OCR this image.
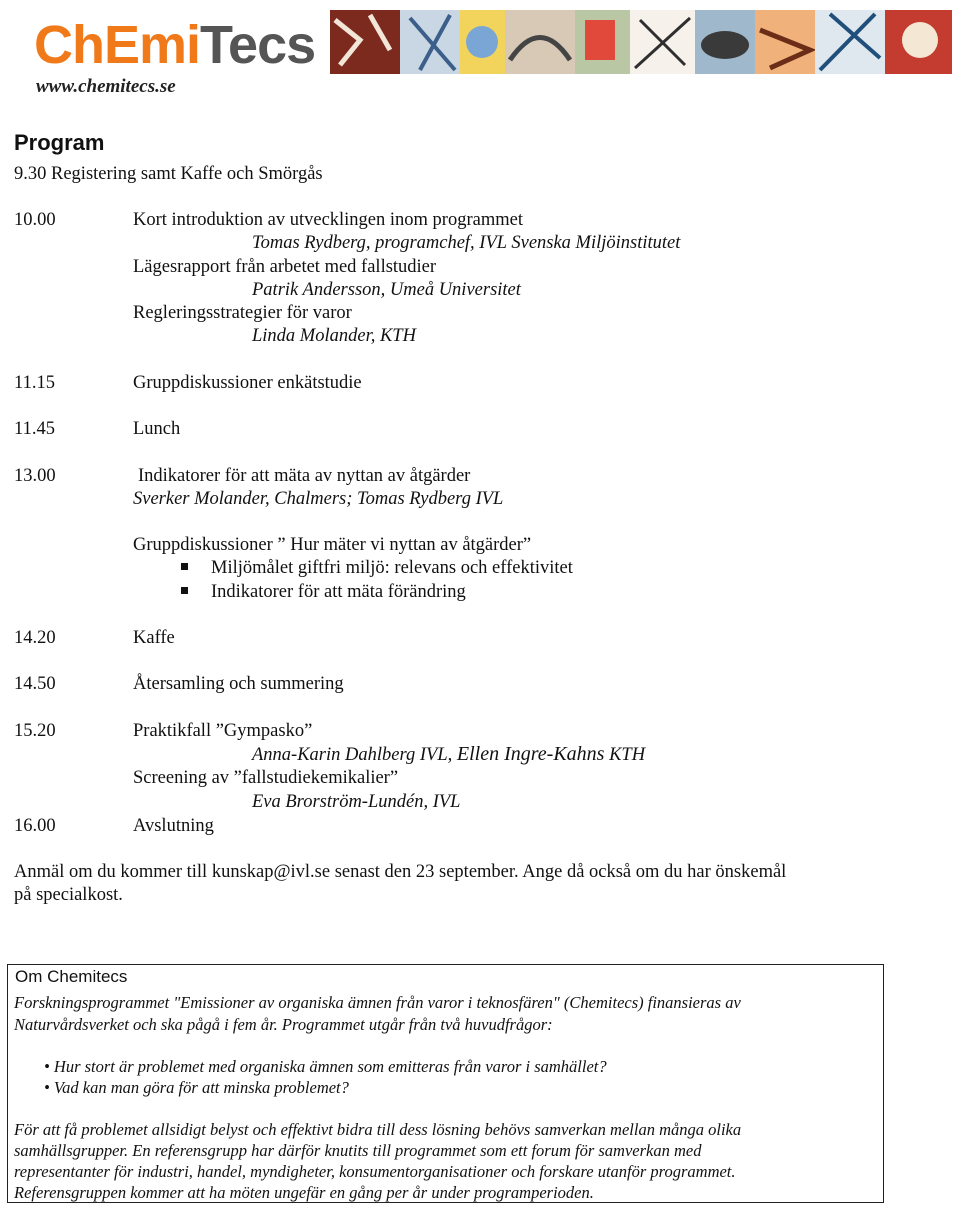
ChEmiTecs
www.chemitecs.se
Program
9.30 Registering samt Kaffe och Smörgås
10.00	Kort introduktion av utvecklingen inom programmet
Tomas Rydberg, programchef, IVL Svenska Miljöinstitutet
Lägesrapport från arbetet med fallstudier
Patrik Andersson, Umeå Universitet
Regleringsstrategier för varor
Linda Molander, KTH
11.15	Gruppdiskussioner enkätstudie
11.45	Lunch
13.00	Indikatorer för att mäta av nyttan av åtgärder
Sverker Molander, Chalmers; Tomas Rydberg IVL
Gruppdiskussioner ” Hur mäter vi nyttan av åtgärder”
Miljömålet giftfri miljö: relevans och effektivitet
Indikatorer för att mäta förändring
14.20	Kaffe
14.50	Återsamling och summering
15.20	Praktikfall ”Gympasko”
Anna-Karin Dahlberg IVL, Ellen Ingre-Kahns KTH
Screening av ”fallstudiekemikalier”
Eva Brorström-Lundén, IVL
16.00	Avslutning
Anmäl om du kommer till kunskap@ivl.se senast den 23 september. Ange då också om du har önskemål
på specialkost.
Om Chemitecs
Forskningsprogrammet "Emissioner av organiska ämnen från varor i teknosfären" (Chemitecs) finansieras av
Naturvårdsverket och ska pågå i fem år. Programmet utgår från två huvudfrågor:
• Hur stort är problemet med organiska ämnen som emitteras från varor i samhället?
• Vad kan man göra för att minska problemet?
För att få problemet allsidigt belyst och effektivt bidra till dess lösning behövs samverkan mellan många olika
samhällsgrupper. En referensgrupp har därför knutits till programmet som ett forum för samverkan med
representanter för industri, handel, myndigheter, konsumentorganisationer och forskare utanför programmet.
Referensgruppen kommer att ha möten ungefär en gång per år under programperioden.
